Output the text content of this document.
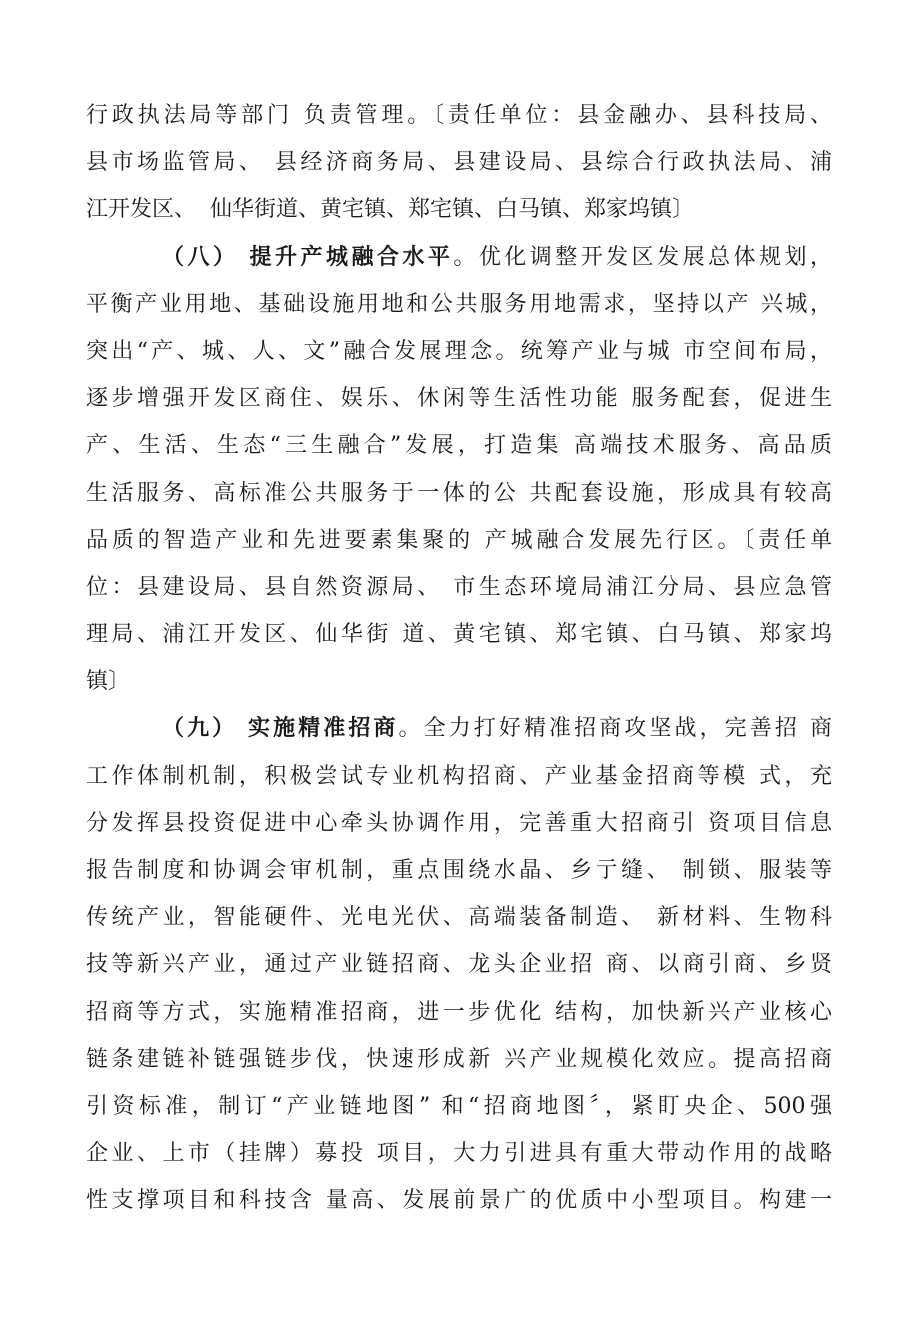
行政执法局等部门 负责管理。〔责任单位：县金融办、县科技局、
县市场监管局、 县经济商务局、县建设局、县综合行政执法局、浦
江开发区、  仙华街道、黄宅镇、郑宅镇、白马镇、郑家坞镇〕
（八） 提升产城融合水平。优化调整开发区发展总体规划，
平衡产业用地、基础设施用地和公共服务用地需求，坚持以产 兴城，
突出“产、城、人、文”融合发展理念。统筹产业与城 市空间布局，
逐步增强开发区商住、娱乐、休闲等生活性功能 服务配套，促进生
产、生活、生态“三生融合”发展，打造集 高端技术服务、高品质
生活服务、高标准公共服务于一体的公 共配套设施，形成具有较高
品质的智造产业和先进要素集聚的 产城融合发展先行区。〔责任单
位：县建设局、县自然资源局、 市生态环境局浦江分局、县应急管
理局、浦江开发区、仙华街 道、黄宅镇、郑宅镇、白马镇、郑家坞
镇〕
（九） 实施精准招商。全力打好精准招商攻坚战，完善招 商
工作体制机制，积极尝试专业机构招商、产业基金招商等模 式，充
分发挥县投资促进中心牵头协调作用，完善重大招商引 资项目信息
报告制度和协调会审机制，重点围绕水晶、乡亍缝、 制锁、服装等
传统产业，智能硬件、光电光伏、高端装备制造、 新材料、生物科
技等新兴产业，通过产业链招商、龙头企业招 商、以商引商、乡贤
招商等方式，实施精准招商，进一步优化 结构，加快新兴产业核心
链条建链补链强链步伐，快速形成新 兴产业规模化效应。提高招商
引资标准，制订“产业链地图” 和“招商地图〞，紧盯央企、500强
企业、上市（挂牌）募投 项目，大力引进具有重大带动作用的战略
性支撑项目和科技含 量高、发展前景广的优质中小型项目。构建一
